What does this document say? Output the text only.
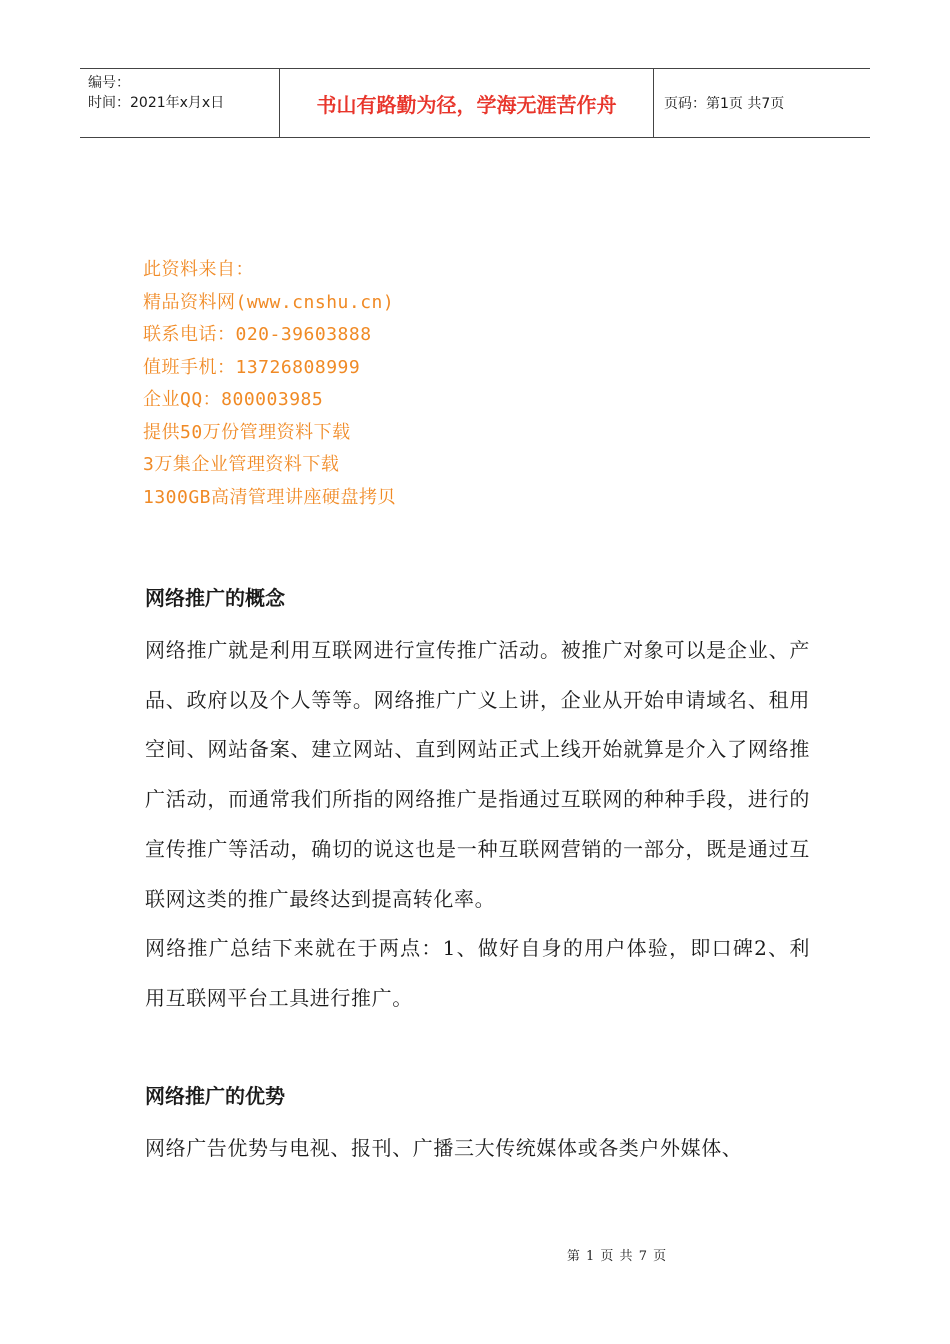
编号：
时间：2021年x月x日	书山有路勤为径，学海无涯苦作舟	页码：第1页 共7页
此资料来自：
精品资料网(www.cnshu.cn)
联系电话：020-39603888
值班手机：13726808999
企业QQ：800003985
提供50万份管理资料下载
3万集企业管理资料下载
1300GB高清管理讲座硬盘拷贝
网络推广的概念

网络推广就是利用互联网进行宣传推广活动。被推广对象可以是企业、产品、政府以及个人等等。网络推广广义上讲，企业从开始申请域名、租用空间、网站备案、建立网站、直到网站正式上线开始就算是介入了网络推广活动，而通常我们所指的网络推广是指通过互联网的种种手段，进行的宣传推广等活动，确切的说这也是一种互联网营销的一部分，既是通过互联网这类的推广最终达到提高转化率。

网络推广总结下来就在于两点：1、做好自身的用户体验，即口碑2、利用互联网平台工具进行推广。

网络推广的优势

网络广告优势与电视、报刊、广播三大传统媒体或各类户外媒体、

第 1 页 共 7 页
